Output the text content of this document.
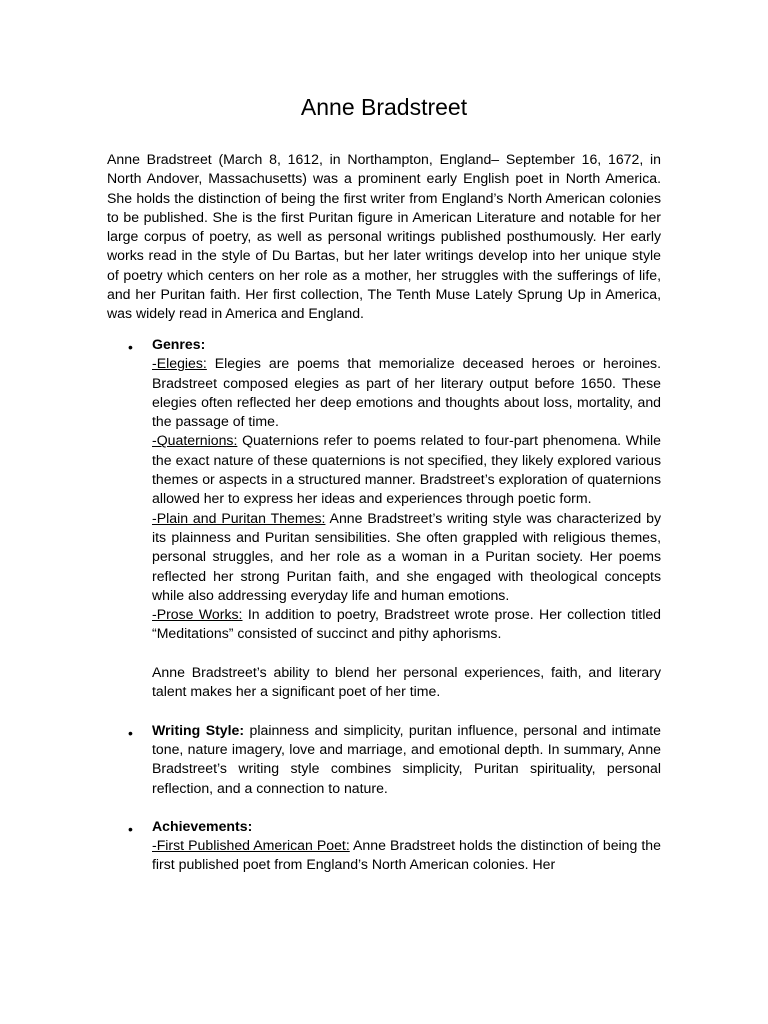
Anne Bradstreet

Anne Bradstreet (March 8, 1612, in Northampton, England– September 16, 1672, in North Andover, Massachusetts) was a prominent early English poet in North America. She holds the distinction of being the first writer from England’s North American colonies to be published. She is the first Puritan figure in American Literature and notable for her large corpus of poetry, as well as personal writings published posthumously. Her early works read in the style of Du Bartas, but her later writings develop into her unique style of poetry which centers on her role as a mother, her struggles with the sufferings of life, and her Puritan faith. Her first collection, The Tenth Muse Lately Sprung Up in America, was widely read in America and England.

• Genres:

-Elegies: Elegies are poems that memorialize deceased heroes or heroines. Bradstreet composed elegies as part of her literary output before 1650. These elegies often reflected her deep emotions and thoughts about loss, mortality, and the passage of time.

-Quaternions: Quaternions refer to poems related to four-part phenomena. While the exact nature of these quaternions is not specified, they likely explored various themes or aspects in a structured manner. Bradstreet’s exploration of quaternions allowed her to express her ideas and experiences through poetic form.

-Plain and Puritan Themes: Anne Bradstreet’s writing style was characterized by its plainness and Puritan sensibilities. She often grappled with religious themes, personal struggles, and her role as a woman in a Puritan society. Her poems reflected her strong Puritan faith, and she engaged with theological concepts while also addressing everyday life and human emotions.

-Prose Works: In addition to poetry, Bradstreet wrote prose. Her collection titled “Meditations” consisted of succinct and pithy aphorisms.

Anne Bradstreet’s ability to blend her personal experiences, faith, and literary talent makes her a significant poet of her time.

• Writing Style: plainness and simplicity, puritan influence, personal and intimate tone, nature imagery, love and marriage, and emotional depth. In summary, Anne Bradstreet’s writing style combines simplicity, Puritan spirituality, personal reflection, and a connection to nature.

• Achievements:

-First Published American Poet: Anne Bradstreet holds the distinction of being the first published poet from England’s North American colonies. Her
